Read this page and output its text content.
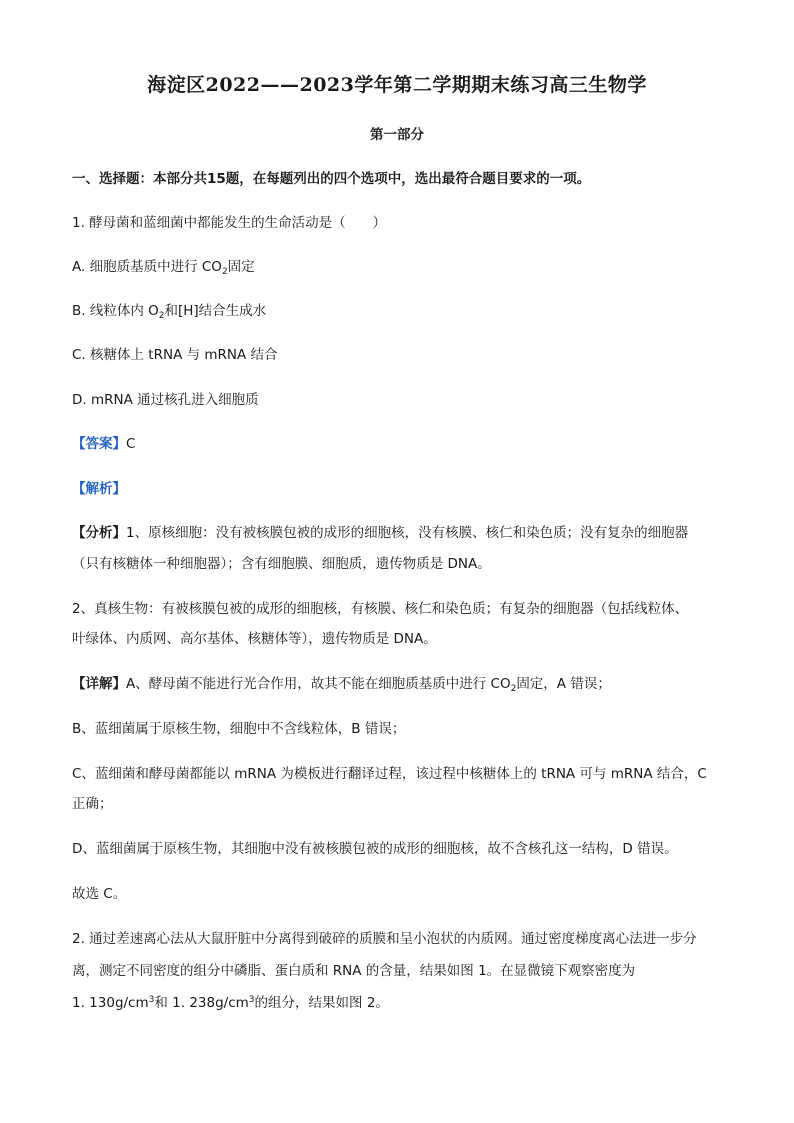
海淀区2022——2023学年第二学期期末练习高三生物学
第一部分
一、选择题：本部分共15题，在每题列出的四个选项中，选出最符合题目要求的一项。
1. 酵母菌和蓝细菌中都能发生的生命活动是（　　）
A. 细胞质基质中进行 $CO_2$固定
B. 线粒体内 $O_2$和[H]结合生成水
C. 核糖体上 tRNA 与 mRNA 结合
D. mRNA 通过核孔进入细胞质
【答案】C
【解析】
【分析】1、原核细胞：没有被核膜包被的成形的细胞核，没有核膜、核仁和染色质；没有复杂的细胞器
（只有核糖体一种细胞器）；含有细胞膜、细胞质，遗传物质是 DNA。
2、真核生物：有被核膜包被的成形的细胞核，有核膜、核仁和染色质；有复杂的细胞器（包括线粒体、
叶绿体、内质网、高尔基体、核糖体等），遗传物质是 DNA。
【详解】A、酵母菌不能进行光合作用，故其不能在细胞质基质中进行 $CO_2$固定，A 错误；
B、蓝细菌属于原核生物，细胞中不含线粒体，B 错误；
C、蓝细菌和酵母菌都能以 mRNA 为模板进行翻译过程，该过程中核糖体上的 tRNA 可与 mRNA 结合，C
正确；
D、蓝细菌属于原核生物，其细胞中没有被核膜包被的成形的细胞核，故不含核孔这一结构，D 错误。
故选 C。
2. 通过差速离心法从大鼠肝脏中分离得到破碎的质膜和呈小泡状的内质网。通过密度梯度离心法进一步分
离，测定不同密度的组分中磷脂、蛋白质和 RNA 的含量，结果如图 1。在显微镜下观察密度为
1. $130g/cm^3$和 1. $238g/cm^3$的组分，结果如图 2。
